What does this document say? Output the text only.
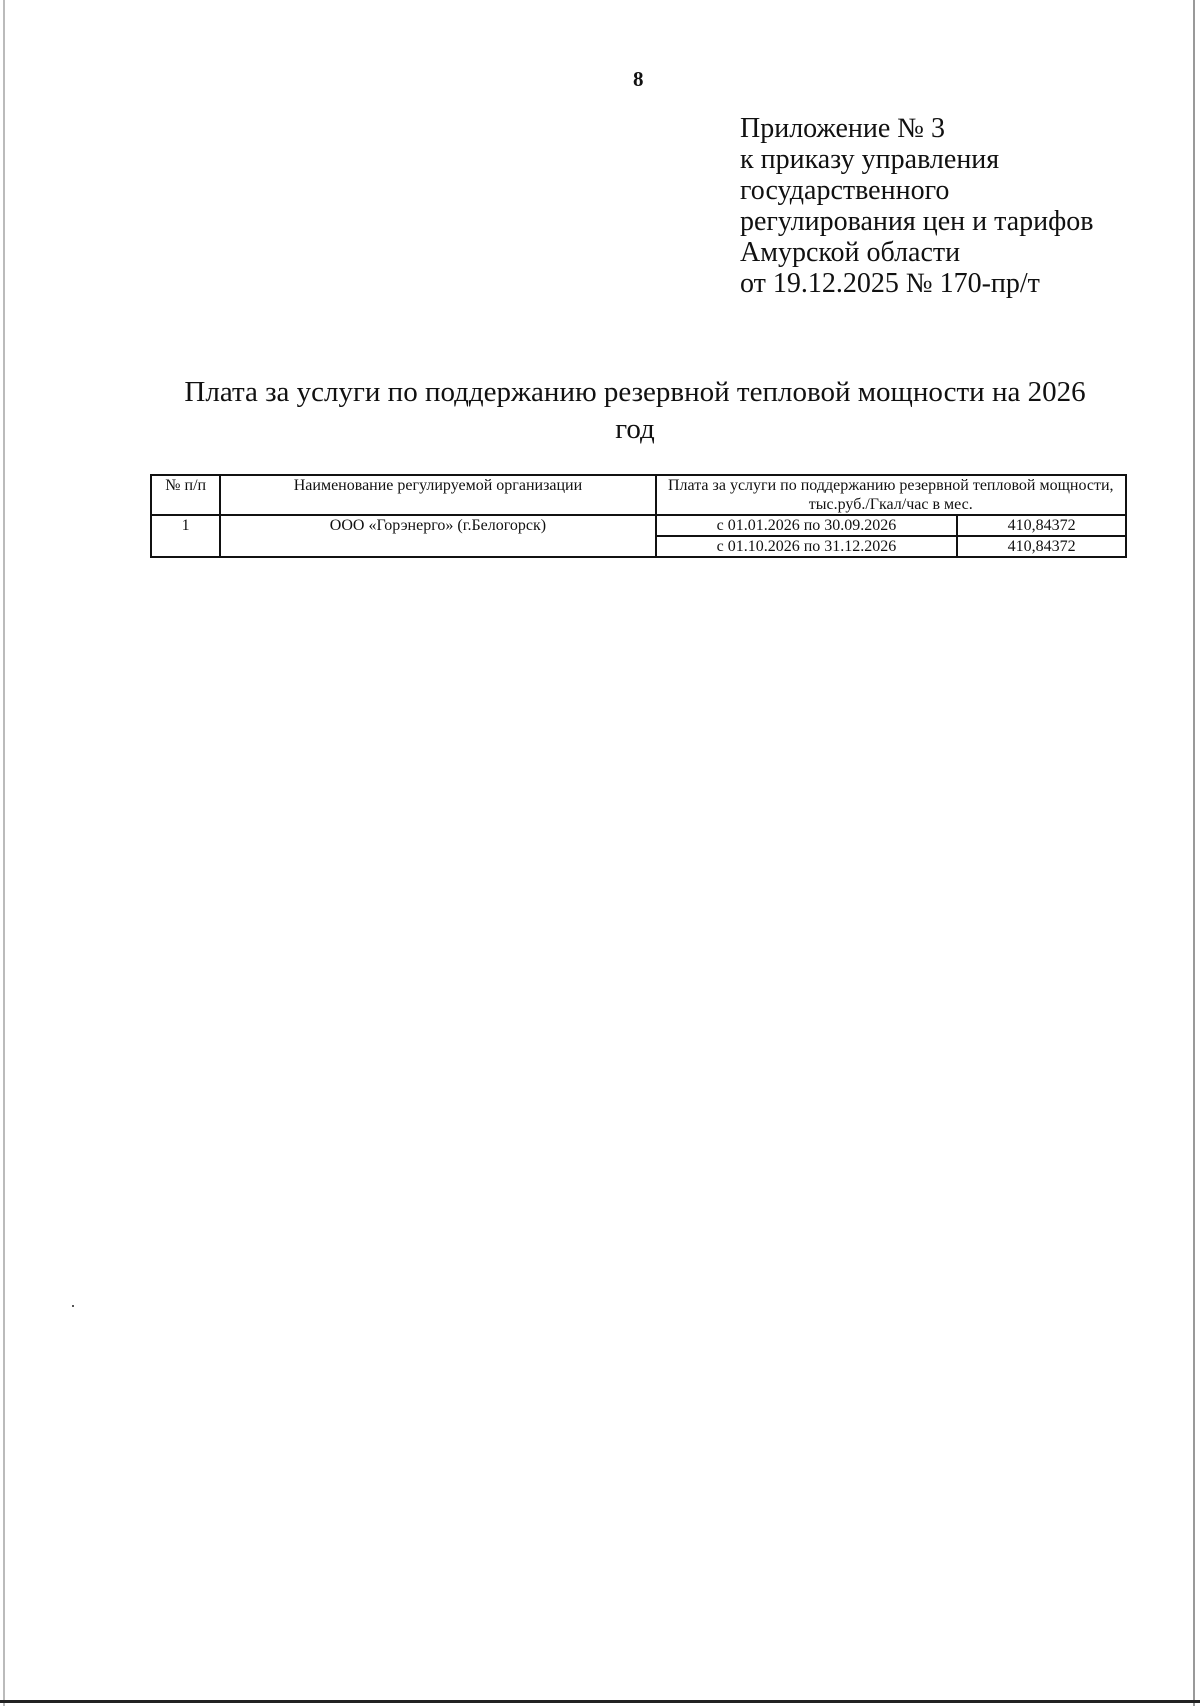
8
Приложение № 3
к приказу управления
государственного
регулирования цен и тарифов
Амурской области
от 19.12.2025 № 170-пр/т
Плата за услуги по поддержанию резервной тепловой мощности на 2026
год
№ п/п	Наименование регулируемой организации	Плата за услуги по поддержанию резервной тепловой мощности, тыс.руб./Гкал/час в мес.	
1	ООО «Горэнерго» (г.Белогорск)	с 01.01.2026 по 30.09.2026	410,84372
		с 01.10.2026 по 31.12.2026	410,84372
